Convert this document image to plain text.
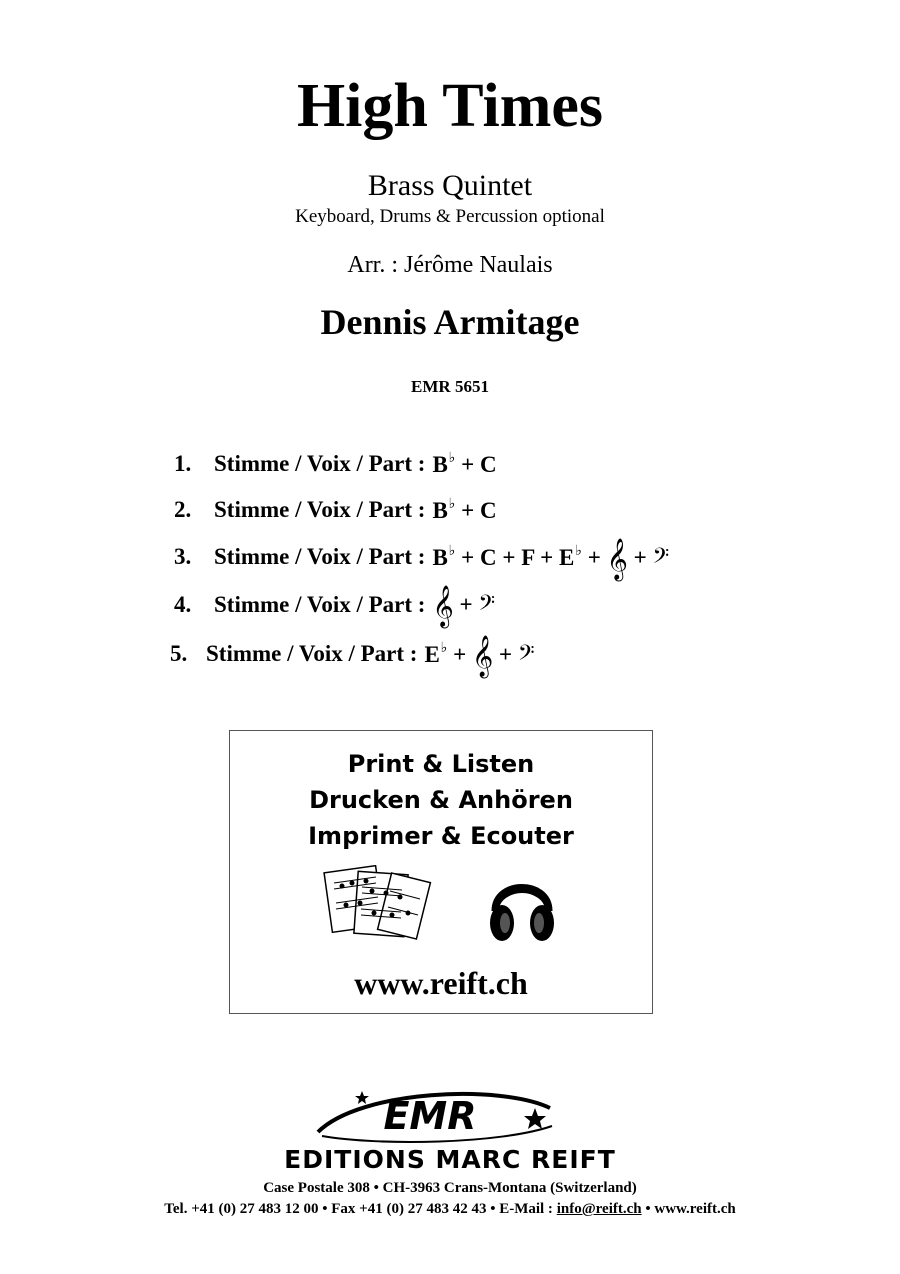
High Times
Brass Quintet
Keyboard, Drums & Percussion optional
Arr. : Jérôme Naulais
Dennis Armitage
EMR 5651
1. Stimme / Voix / Part : B♭ + C
2. Stimme / Voix / Part : B♭ + C
3. Stimme / Voix / Part : B♭ + C + F + E♭ + 𝄞 + 𝄢
4. Stimme / Voix / Part : 𝄞 + 𝄢
5. Stimme / Voix / Part : E♭ + 𝄞 + 𝄢
Print & Listen
Drucken & Anhören
Imprimer & Ecouter
www.reift.ch
EMR
EDITIONS MARC REIFT
Case Postale 308 • CH-3963 Crans-Montana (Switzerland)
Tel. +41 (0) 27 483 12 00 • Fax +41 (0) 27 483 42 43 • E-Mail : info@reift.ch • www.reift.ch
